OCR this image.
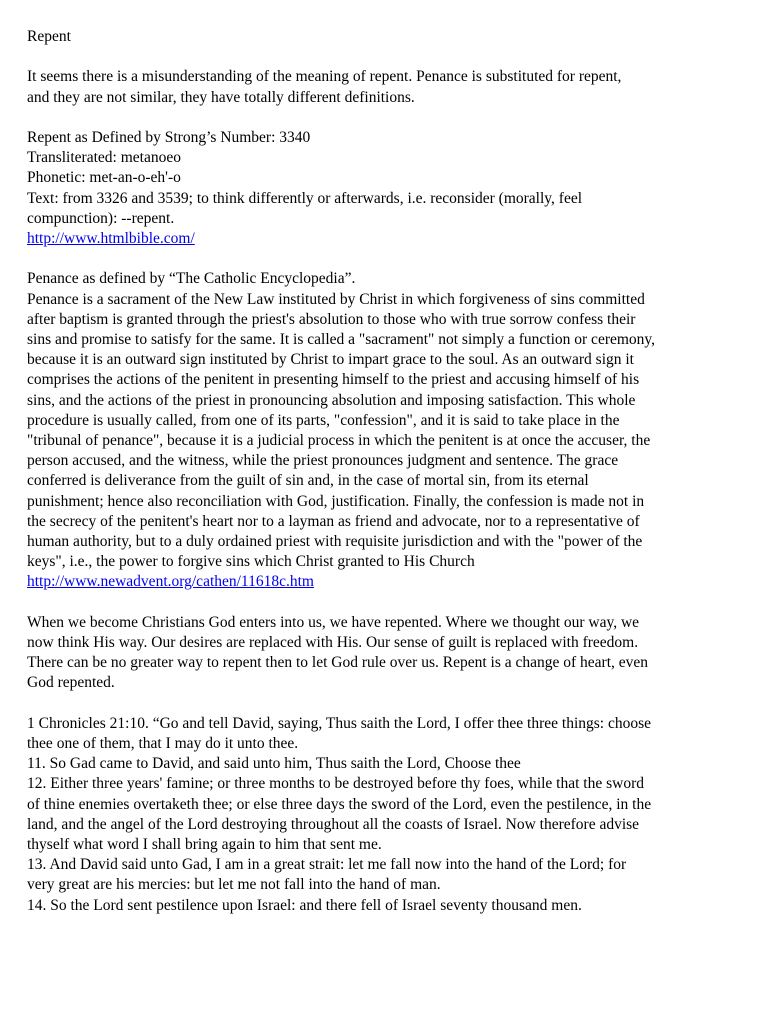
Repent

It seems there is a misunderstanding of the meaning of repent. Penance is substituted for repent,

and they are not similar, they have totally different definitions.

Repent as Defined by Strong’s Number: 3340

Transliterated: metanoeo

Phonetic: met-an-o-eh'-o

Text: from 3326 and 3539; to think differently or afterwards, i.e. reconsider (morally, feel

compunction): --repent.

http://www.htmlbible.com/

Penance as defined by “The Catholic Encyclopedia”.

Penance is a sacrament of the New Law instituted by Christ in which forgiveness of sins committed

after baptism is granted through the priest's absolution to those who with true sorrow confess their

sins and promise to satisfy for the same. It is called a "sacrament" not simply a function or ceremony,

because it is an outward sign instituted by Christ to impart grace to the soul. As an outward sign it

comprises the actions of the penitent in presenting himself to the priest and accusing himself of his

sins, and the actions of the priest in pronouncing absolution and imposing satisfaction. This whole

procedure is usually called, from one of its parts, "confession", and it is said to take place in the

"tribunal of penance", because it is a judicial process in which the penitent is at once the accuser, the

person accused, and the witness, while the priest pronounces judgment and sentence. The grace

conferred is deliverance from the guilt of sin and, in the case of mortal sin, from its eternal

punishment; hence also reconciliation with God, justification. Finally, the confession is made not in

the secrecy of the penitent's heart nor to a layman as friend and advocate, nor to a representative of

human authority, but to a duly ordained priest with requisite jurisdiction and with the "power of the

keys", i.e., the power to forgive sins which Christ granted to His Church

http://www.newadvent.org/cathen/11618c.htm

When we become Christians God enters into us, we have repented. Where we thought our way, we

now think His way. Our desires are replaced with His. Our sense of guilt is replaced with freedom.

There can be no greater way to repent then to let God rule over us. Repent is a change of heart, even

God repented.

1 Chronicles 21:10. “Go and tell David, saying, Thus saith the Lord, I offer thee three things: choose

thee one of them, that I may do it unto thee.

11. So Gad came to David, and said unto him, Thus saith the Lord, Choose thee

12. Either three years' famine; or three months to be destroyed before thy foes, while that the sword

of thine enemies overtaketh thee; or else three days the sword of the Lord, even the pestilence, in the

land, and the angel of the Lord destroying throughout all the coasts of Israel. Now therefore advise

thyself what word I shall bring again to him that sent me.

13. And David said unto Gad, I am in a great strait: let me fall now into the hand of the Lord; for

very great are his mercies: but let me not fall into the hand of man.

14. So the Lord sent pestilence upon Israel: and there fell of Israel seventy thousand men.
